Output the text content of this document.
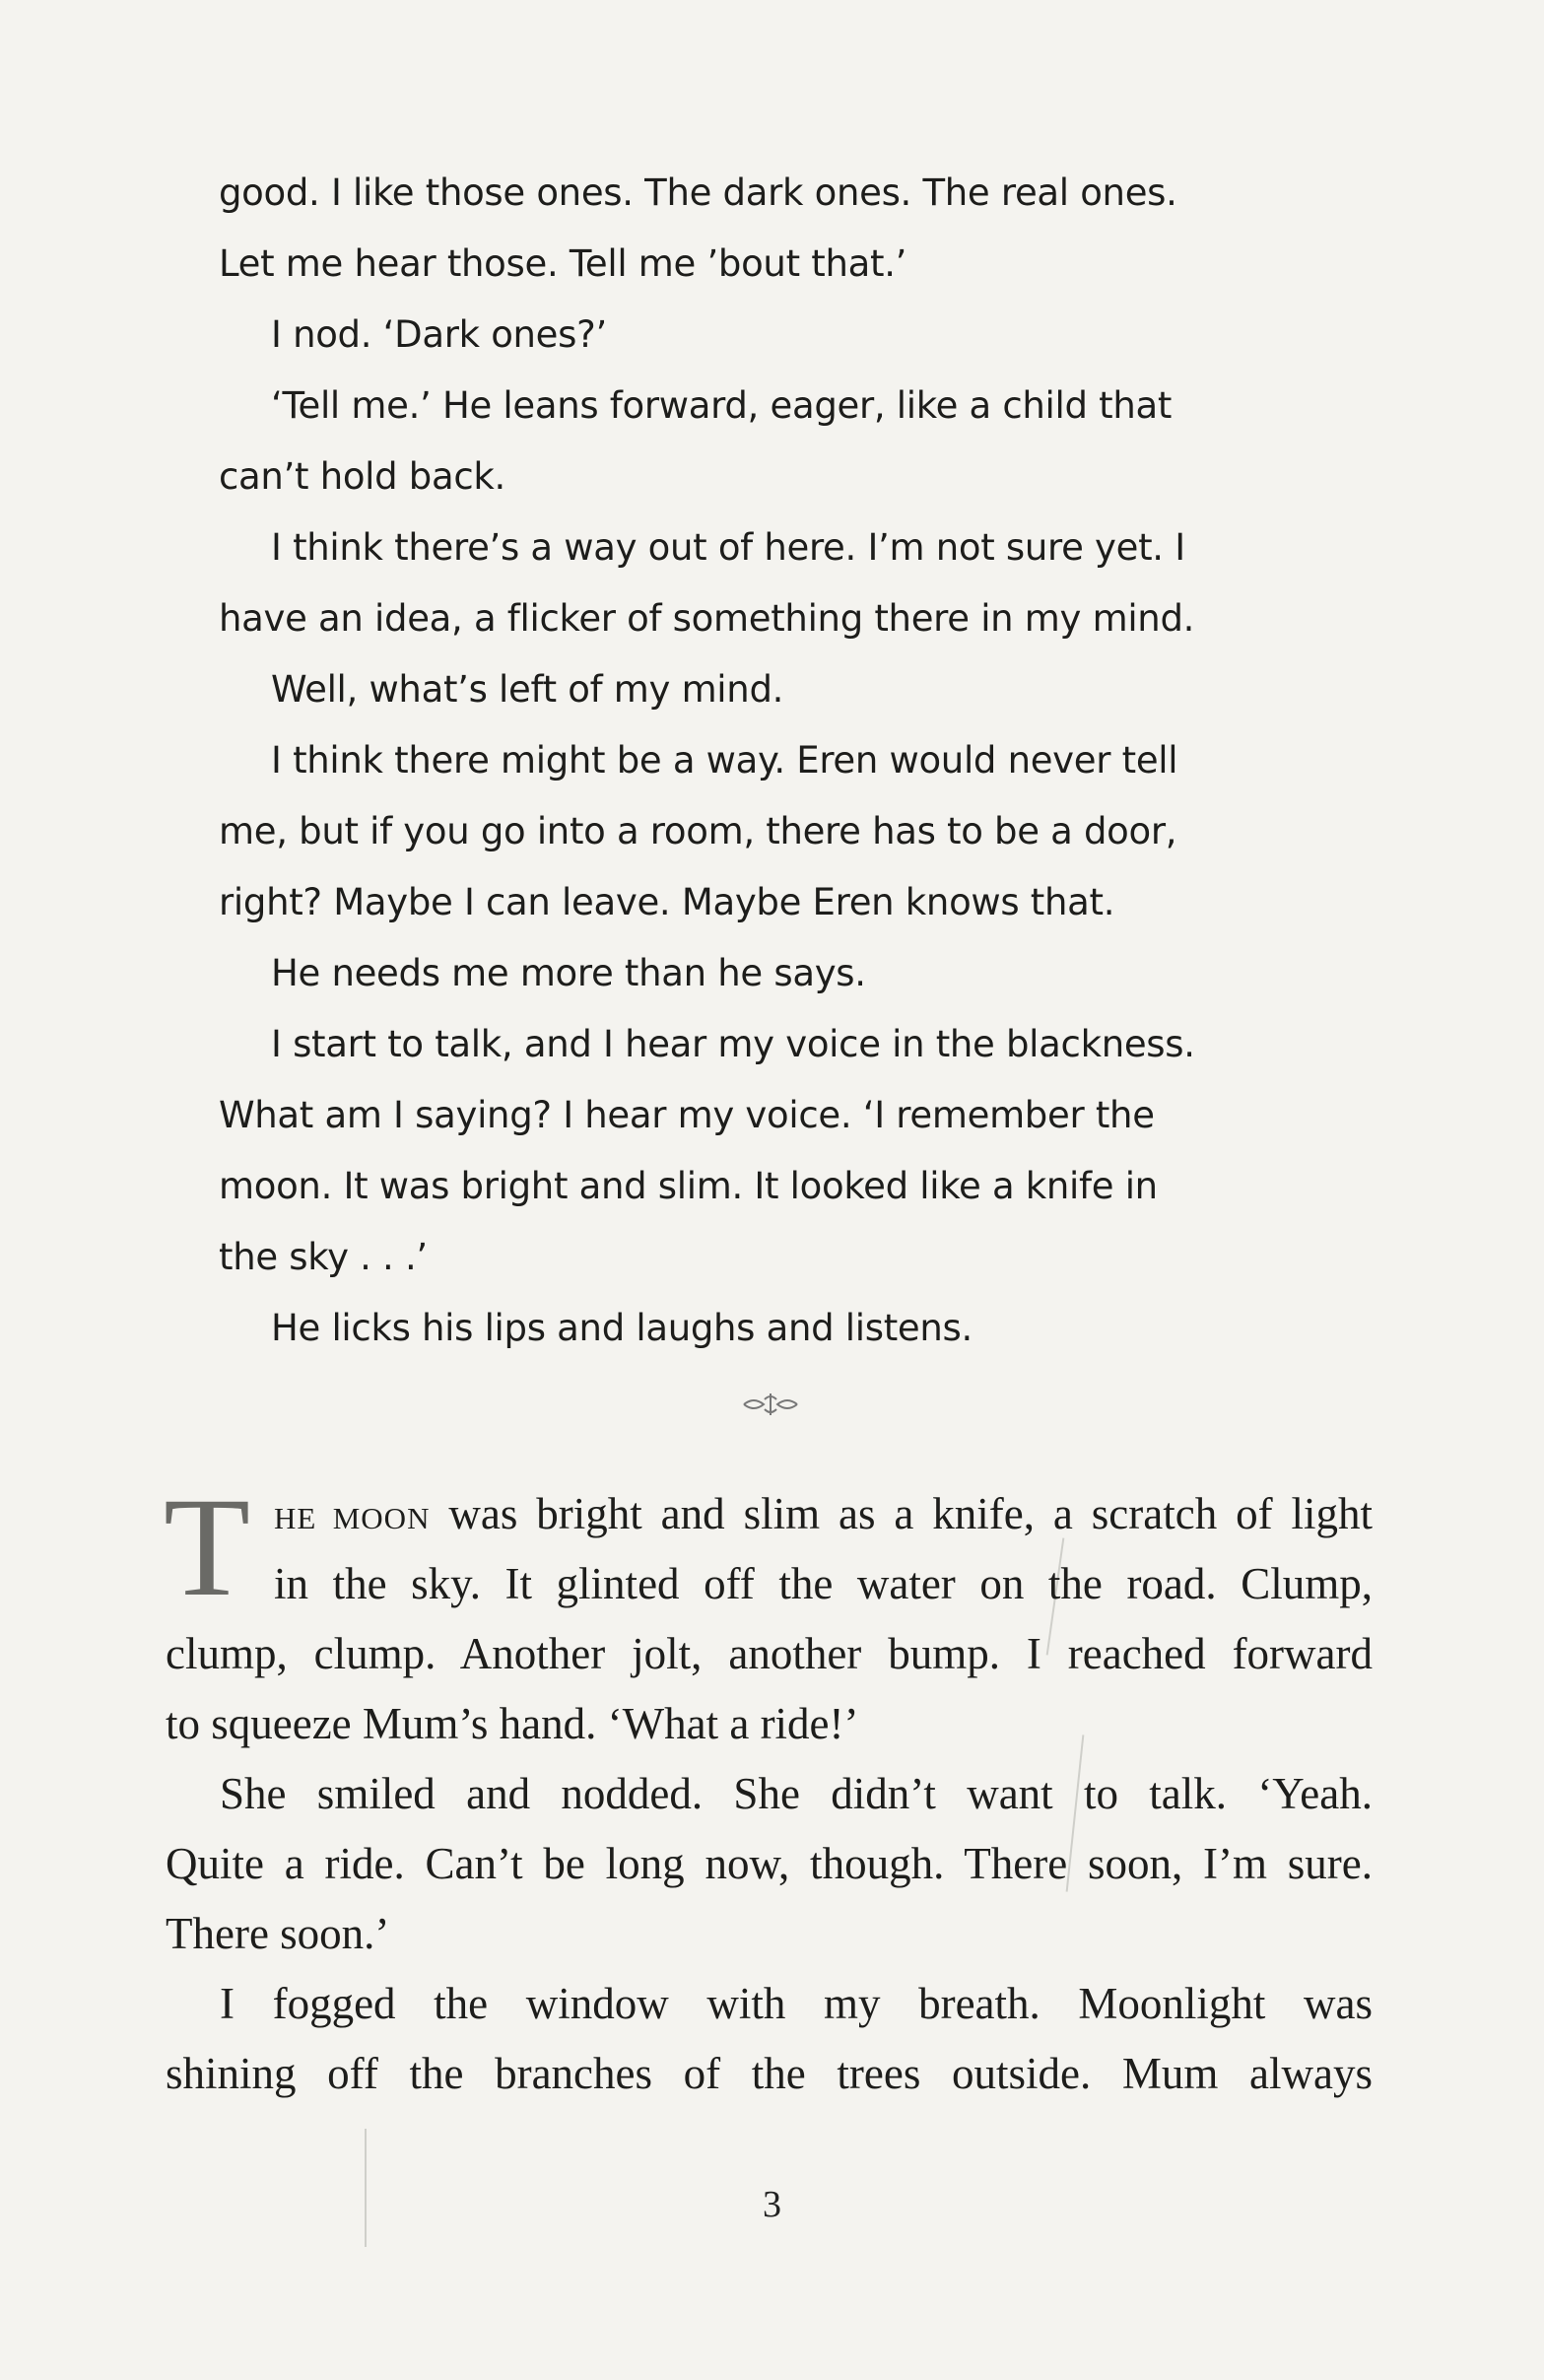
good. I like those ones. The dark ones. The real ones.
Let me hear those. Tell me ’bout that.’
I nod. ‘Dark ones?’
‘Tell me.’ He leans forward, eager, like a child that
can’t hold back.
I think there’s a way out of here. I’m not sure yet. I
have an idea, a flicker of something there in my mind.
Well, what’s left of my mind.
I think there might be a way. Eren would never tell
me, but if you go into a room, there has to be a door,
right? Maybe I can leave. Maybe Eren knows that.
He needs me more than he says.
I start to talk, and I hear my voice in the blackness.
What am I saying? I hear my voice. ‘I remember the
moon. It was bright and slim. It looked like a knife in
the sky . . .’
He licks his lips and laughs and listens.
T HE MOON was bright and slim as a knife, a scratch of light
in the sky. It glinted off the water on the road. Clump,
clump, clump. Another jolt, another bump. I reached forward
to squeeze Mum’s hand. ‘What a ride!’
She smiled and nodded. She didn’t want to talk. ‘Yeah.
Quite a ride. Can’t be long now, though. There soon, I’m sure.
There soon.’
I fogged the window with my breath. Moonlight was
shining off the branches of the trees outside. Mum always
3
